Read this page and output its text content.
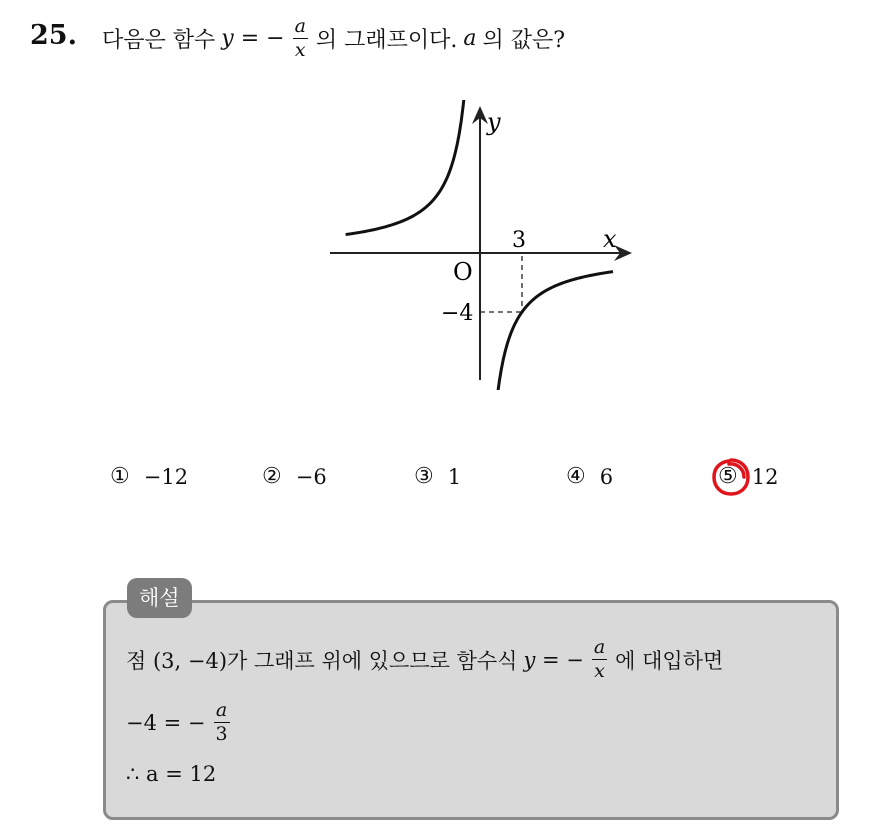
25. 다음은 함수 y = − $\frac{a}{x}$ 의 그래프이다. a 의 값은?
y
x
O
3
−4
① −12	② −6	③ 1	④ 6	⑤ 12
해설
점 (3, −4)가 그래프 위에 있으므로 함수식 y = − $\frac{a}{x}$ 에 대입하면
−4 = − $\frac{a}{3}$
∴ a = 12
